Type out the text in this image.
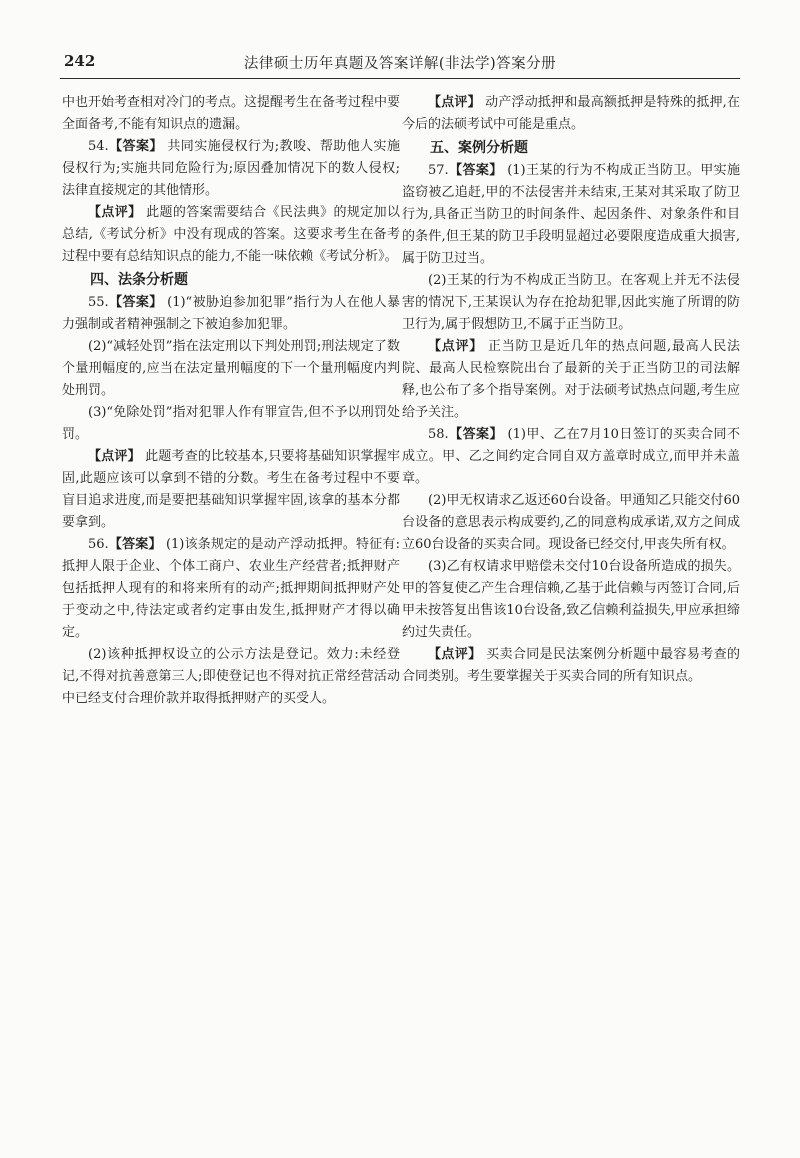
242	法律硕士历年真题及答案详解(非法学)答案分册

中也开始考查相对冷门的考点。这提醒考生在备考过程中要全面备考,不能有知识点的遗漏。

54.【答案】 共同实施侵权行为;教唆、帮助他人实施侵权行为;实施共同危险行为;原因叠加情况下的数人侵权;法律直接规定的其他情形。

【点评】 此题的答案需要结合《民法典》的规定加以总结,《考试分析》中没有现成的答案。这要求考生在备考过程中要有总结知识点的能力,不能一味依赖《考试分析》。

四、法条分析题

55.【答案】 (1)“被胁迫参加犯罪”指行为人在他人暴力强制或者精神强制之下被迫参加犯罪。

(2)“减轻处罚”指在法定刑以下判处刑罚;刑法规定了数个量刑幅度的,应当在法定量刑幅度的下一个量刑幅度内判处刑罚。

(3)“免除处罚”指对犯罪人作有罪宣告,但不予以刑罚处罚。

【点评】 此题考查的比较基本,只要将基础知识掌握牢固,此题应该可以拿到不错的分数。考生在备考过程中不要盲目追求进度,而是要把基础知识掌握牢固,该拿的基本分都要拿到。

56.【答案】 (1)该条规定的是动产浮动抵押。特征有:抵押人限于企业、个体工商户、农业生产经营者;抵押财产包括抵押人现有的和将来所有的动产;抵押期间抵押财产处于变动之中,待法定或者约定事由发生,抵押财产才得以确定。

(2)该种抵押权设立的公示方法是登记。效力:未经登记,不得对抗善意第三人;即使登记也不得对抗正常经营活动中已经支付合理价款并取得抵押财产的买受人。

【点评】 动产浮动抵押和最高额抵押是特殊的抵押,在今后的法硕考试中可能是重点。

五、案例分析题

57.【答案】 (1)王某的行为不构成正当防卫。甲实施盗窃被乙追赶,甲的不法侵害并未结束,王某对其采取了防卫行为,具备正当防卫的时间条件、起因条件、对象条件和目的条件,但王某的防卫手段明显超过必要限度造成重大损害,属于防卫过当。

(2)王某的行为不构成正当防卫。在客观上并无不法侵害的情况下,王某误认为存在抢劫犯罪,因此实施了所谓的防卫行为,属于假想防卫,不属于正当防卫。

【点评】 正当防卫是近几年的热点问题,最高人民法院、最高人民检察院出台了最新的关于正当防卫的司法解释,也公布了多个指导案例。对于法硕考试热点问题,考生应给予关注。

58.【答案】 (1)甲、乙在7月10日签订的买卖合同不成立。甲、乙之间约定合同自双方盖章时成立,而甲并未盖章。

(2)甲无权请求乙返还60台设备。甲通知乙只能交付60台设备的意思表示构成要约,乙的同意构成承诺,双方之间成立60台设备的买卖合同。现设备已经交付,甲丧失所有权。

(3)乙有权请求甲赔偿未交付10台设备所造成的损失。甲的答复使乙产生合理信赖,乙基于此信赖与丙签订合同,后甲未按答复出售该10台设备,致乙信赖利益损失,甲应承担缔约过失责任。

【点评】 买卖合同是民法案例分析题中最容易考查的合同类别。考生要掌握关于买卖合同的所有知识点。
